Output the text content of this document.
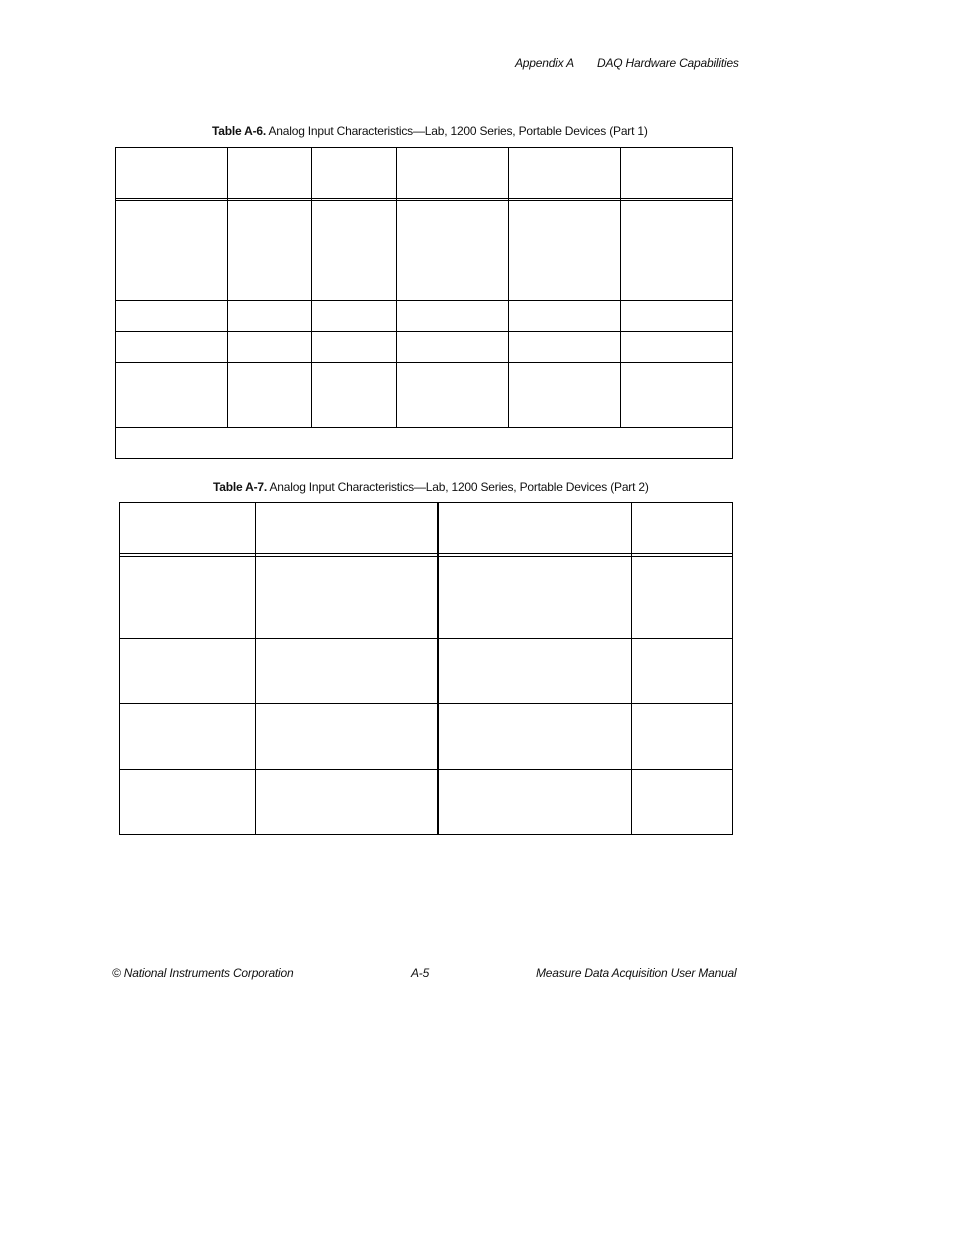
Appendix A DAQ Hardware Capabilities
Table A-6. Analog Input Characteristics—Lab, 1200 Series, Portable Devices (Part 1)
Table A-7. Analog Input Characteristics—Lab, 1200 Series, Portable Devices (Part 2)
© National Instruments Corporation	A-5	Measure Data Acquisition User Manual
